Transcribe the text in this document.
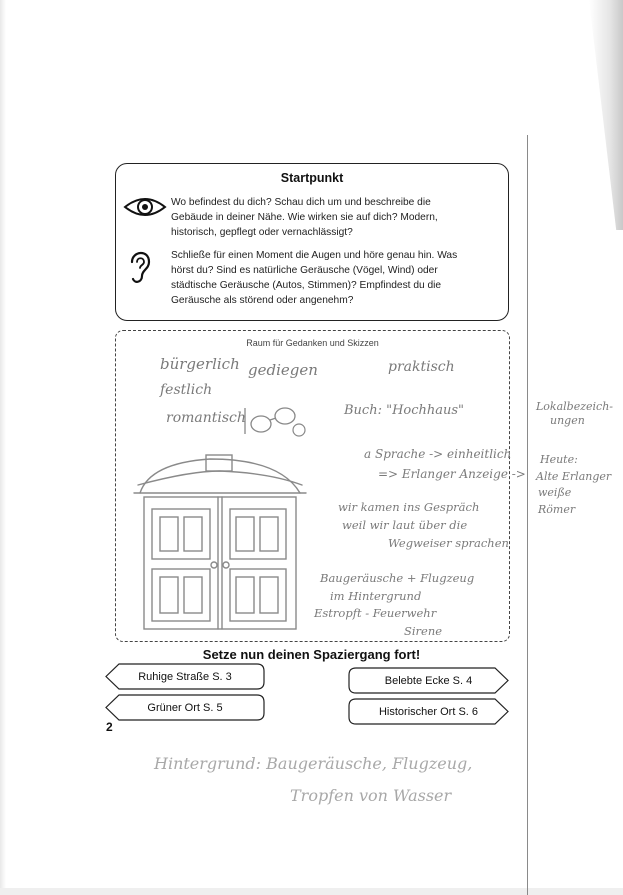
Startpunkt
Wo befindest du dich? Schau dich um und beschreibe die
Gebäude in deiner Nähe. Wie wirken sie auf dich? Modern,
historisch, gepflegt oder vernachlässigt?
Schließe für einen Moment die Augen und höre genau hin. Was
hörst du? Sind es natürliche Geräusche (Vögel, Wind) oder
städtische Geräusche (Autos, Stimmen)? Empfindest du die
Geräusche als störend oder angenehm?
Raum für Gedanken und Skizzen
bürgerlich gediegen	praktisch
festlich
romantisch	Buch: "Hochhaus"
a Sprache -> einheitlich
=> Erlanger Anzeige ->
wir kamen ins Gespräch
weil wir laut über die
Wegweiser sprachen
Baugeräusche + Flugzeug
im Hintergrund
Estropft - Feuerwehr
Sirene
Lokalbezeich-
ungen
Heute:
Alte Erlanger
weiße
Römer
Setze nun deinen Spaziergang fort!
Ruhige Straße S. 3	Belebte Ecke S. 4
Grüner Ort S. 5	Historischer Ort S. 6
2
Hintergrund: Baugeräusche, Flugzeug,
Tropfen von Wasser
